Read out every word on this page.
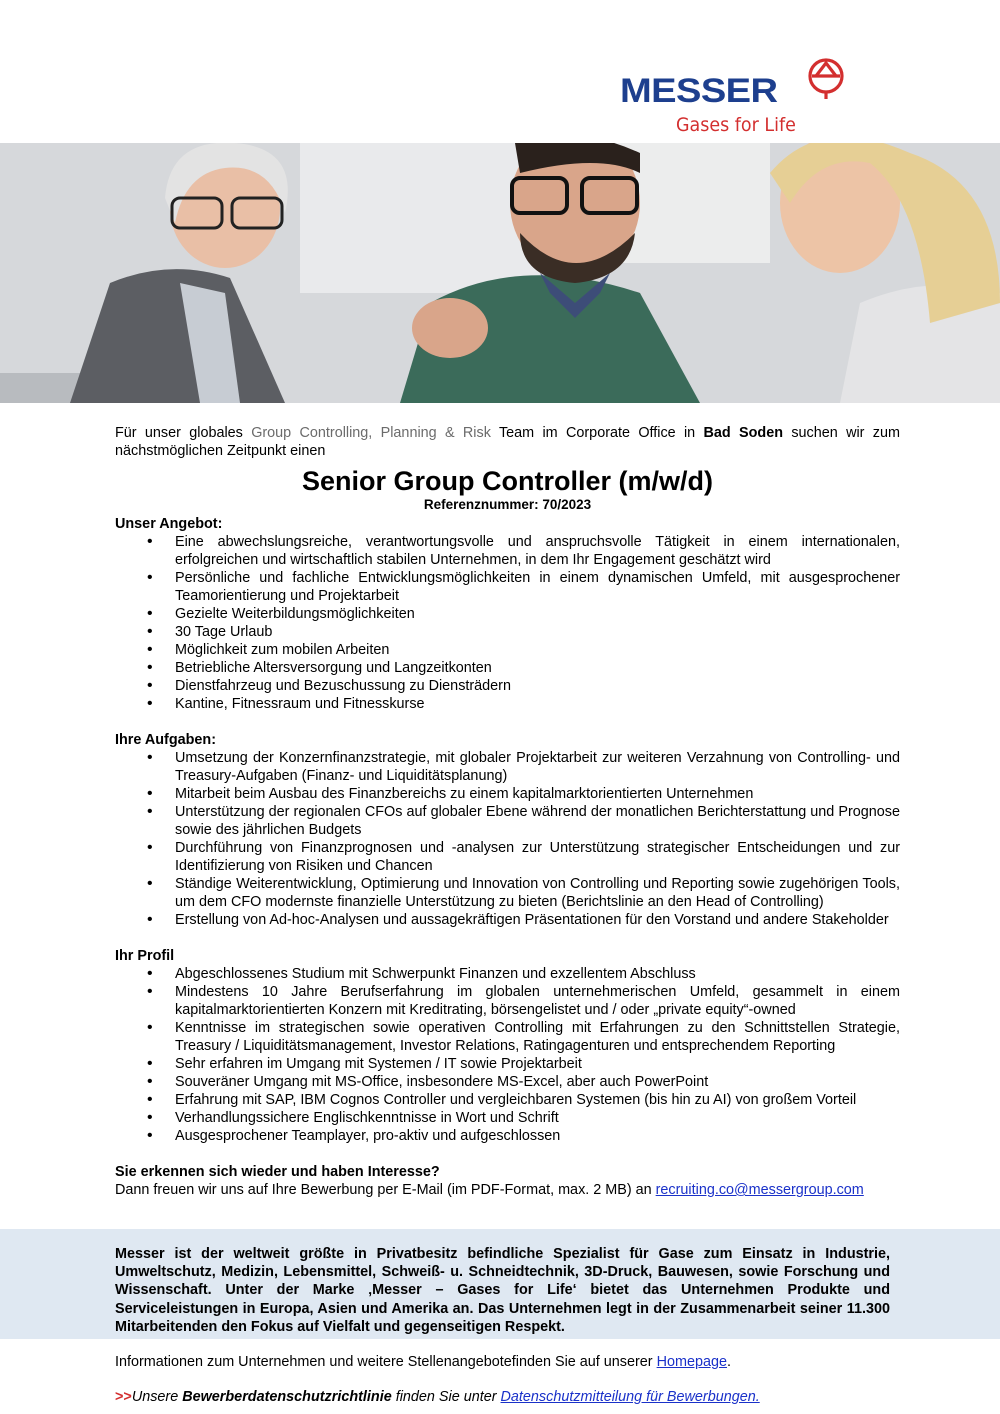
MESSER
Gases for Life

Für unser globales Group Controlling, Planning & Risk Team im Corporate Office in Bad Soden suchen wir zum nächstmöglichen Zeitpunkt einen

Senior Group Controller (m/w/d)
Referenznummer: 70/2023
Unser Angebot:
• Eine abwechslungsreiche, verantwortungsvolle und anspruchsvolle Tätigkeit in einem internationalen, erfolgreichen und wirtschaftlich stabilen Unternehmen, in dem Ihr Engagement geschätzt wird
• Persönliche und fachliche Entwicklungsmöglichkeiten in einem dynamischen Umfeld, mit ausgesprochener Teamorientierung und Projektarbeit
• Gezielte Weiterbildungsmöglichkeiten
• 30 Tage Urlaub
• Möglichkeit zum mobilen Arbeiten
• Betriebliche Altersversorgung und Langzeitkonten
• Dienstfahrzeug und Bezuschussung zu Diensträdern
• Kantine, Fitnessraum und Fitnesskurse
Ihre Aufgaben:
• Umsetzung der Konzernfinanzstrategie, mit globaler Projektarbeit zur weiteren Verzahnung von Controlling- und Treasury-Aufgaben (Finanz- und Liquiditätsplanung)
• Mitarbeit beim Ausbau des Finanzbereichs zu einem kapitalmarktorientierten Unternehmen
• Unterstützung der regionalen CFOs auf globaler Ebene während der monatlichen Berichterstattung und Prognose sowie des jährlichen Budgets
• Durchführung von Finanzprognosen und -analysen zur Unterstützung strategischer Entscheidungen und zur Identifizierung von Risiken und Chancen
• Ständige Weiterentwicklung, Optimierung und Innovation von Controlling und Reporting sowie zugehörigen Tools, um dem CFO modernste finanzielle Unterstützung zu bieten (Berichtslinie an den Head of Controlling)
• Erstellung von Ad-hoc-Analysen und aussagekräftigen Präsentationen für den Vorstand und andere Stakeholder
Ihr Profil
• Abgeschlossenes Studium mit Schwerpunkt Finanzen und exzellentem Abschluss
• Mindestens 10 Jahre Berufserfahrung im globalen unternehmerischen Umfeld, gesammelt in einem kapitalmarktorientierten Konzern mit Kreditrating, börsengelistet und / oder „private equity“-owned
• Kenntnisse im strategischen sowie operativen Controlling mit Erfahrungen zu den Schnittstellen Strategie, Treasury / Liquiditätsmanagement, Investor Relations, Ratingagenturen und entsprechendem Reporting
• Sehr erfahren im Umgang mit Systemen / IT sowie Projektarbeit
• Souveräner Umgang mit MS-Office, insbesondere MS-Excel, aber auch PowerPoint
• Erfahrung mit SAP, IBM Cognos Controller und vergleichbaren Systemen (bis hin zu AI) von großem Vorteil
• Verhandlungssichere Englischkenntnisse in Wort und Schrift
• Ausgesprochener Teamplayer, pro-aktiv und aufgeschlossen
Sie erkennen sich wieder und haben Interesse?
Dann freuen wir uns auf Ihre Bewerbung per E-Mail (im PDF-Format, max. 2 MB) an recruiting.co@messergroup.com

Messer ist der weltweit größte in Privatbesitz befindliche Spezialist für Gase zum Einsatz in Industrie, Umweltschutz, Medizin, Lebensmittel, Schweiß- u. Schneidtechnik, 3D-Druck, Bauwesen, sowie Forschung und Wissenschaft. Unter der Marke ‚Messer – Gases for Life‘ bietet das Unternehmen Produkte und Serviceleistungen in Europa, Asien und Amerika an. Das Unternehmen legt in der Zusammenarbeit seiner 11.300 Mitarbeitenden den Fokus auf Vielfalt und gegenseitigen Respekt.

Informationen zum Unternehmen und weitere Stellenangebotefinden Sie auf unserer Homepage.

>>Unsere Bewerberdatenschutzrichtlinie finden Sie unter Datenschutzmitteilung für Bewerbungen.
